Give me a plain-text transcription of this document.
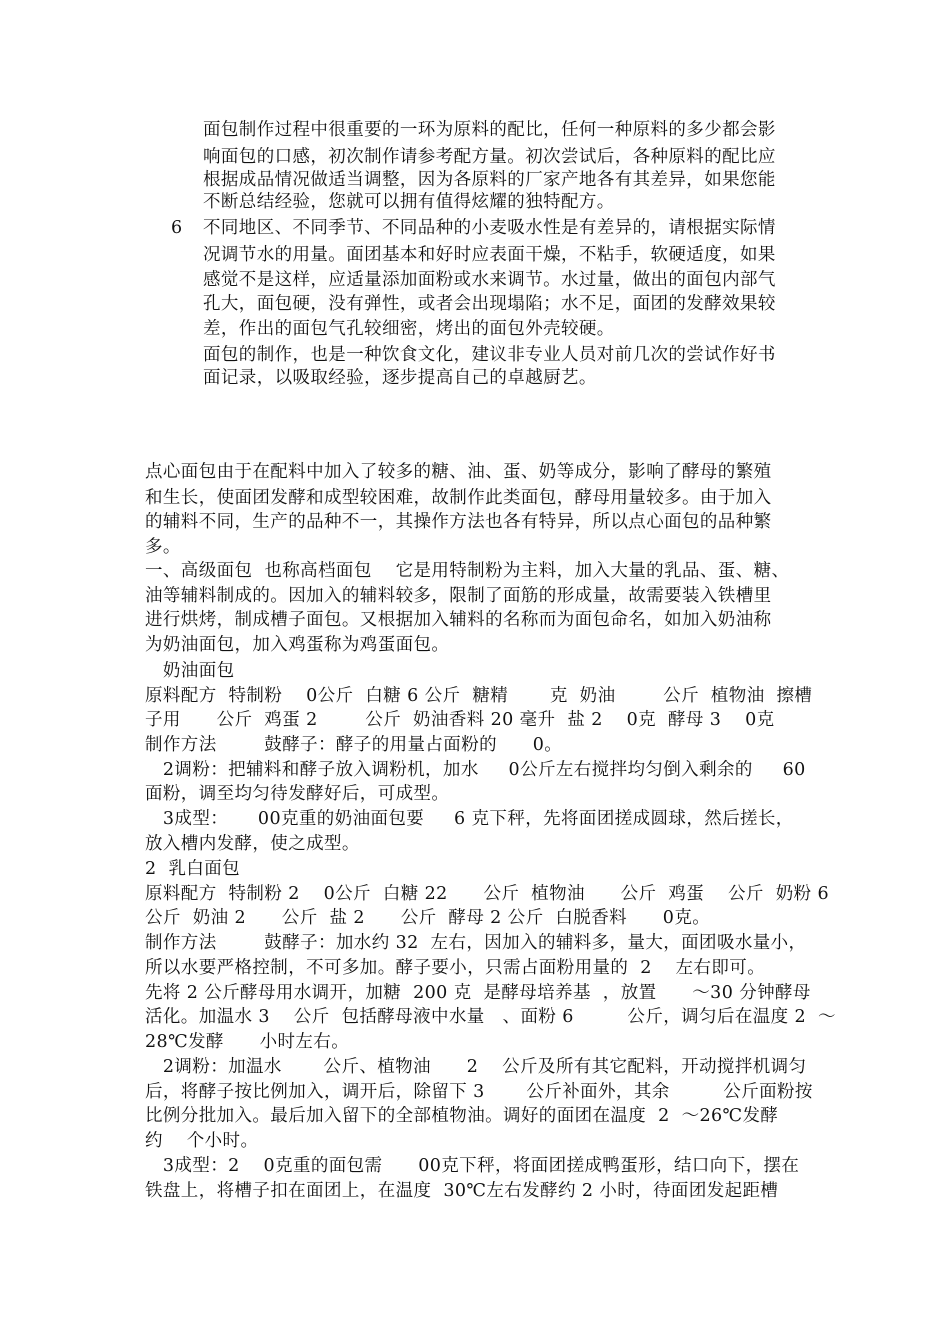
面包制作过程中很重要的一环为原料的配比，任何一种原料的多少都会影
响面包的口感，初次制作请参考配方量。初次尝试后，各种原料的配比应
根据成品情况做适当调整，因为各原料的厂家产地各有其差异，如果您能
不断总结经验，您就可以拥有值得炫耀的独特配方。
6 不同地区、不同季节、不同品种的小麦吸水性是有差异的，请根据实际情
况调节水的用量。面团基本和好时应表面干燥，不粘手，软硬适度，如果
感觉不是这样，应适量添加面粉或水来调节。水过量，做出的面包内部气
孔大，面包硬，没有弹性，或者会出现塌陷；水不足，面团的发酵效果较
差，作出的面包气孔较细密，烤出的面包外壳较硬。
面包的制作，也是一种饮食文化，建议非专业人员对前几次的尝试作好书
面记录，以吸取经验，逐步提高自己的卓越厨艺。
点心面包由于在配料中加入了较多的糖、油、蛋、奶等成分，影响了酵母的繁殖
和生长，使面团发酵和成型较困难，故制作此类面包，酵母用量较多。由于加入
的辅料不同，生产的品种不一，其操作方法也各有特异，所以点心面包的品种繁
多。
一、高级面包  也称高档面包    它是用特制粉为主料，加入大量的乳品、蛋、糖、
油等辅料制成的。因加入的辅料较多，限制了面筋的形成量，故需要装入铁槽里
进行烘烤，制成槽子面包。又根据加入辅料的名称而为面包命名，如加入奶油称
为奶油面包，加入鸡蛋称为鸡蛋面包。
奶油面包
原料配方  特制粉    0公斤  白糖 6 公斤  糖精       克  奶油        公斤  植物油  擦槽
子用      公斤  鸡蛋 2        公斤  奶油香料 20 毫升  盐 2    0克  酵母 3    0克
制作方法        鼓酵子：酵子的用量占面粉的      0。
2调粉：把辅料和酵子放入调粉机，加水     0公斤左右搅拌均匀倒入剩余的     60
面粉，调至均匀待发酵好后，可成型。
3成型：     00克重的奶油面包要     6 克下秤，先将面团搓成圆球，然后搓长，
放入槽内发酵，使之成型。
2  乳白面包
原料配方  特制粉 2    0公斤  白糖 22      公斤  植物油      公斤  鸡蛋    公斤  奶粉 6
公斤  奶油 2      公斤  盐 2      公斤  酵母 2 公斤  白脱香料      0克。
制作方法        鼓酵子：加水约 32  左右，因加入的辅料多，量大，面团吸水量小，
所以水要严格控制，不可多加。酵子要小，只需占面粉用量的  2    左右即可。
先将 2 公斤酵母用水调开，加糖  200 克  是酵母培养基  ，放置      ～30 分钟酵母
活化。加温水 3    公斤  包括酵母液中水量   、面粉 6         公斤，调匀后在温度 2  ～
28℃发酵      小时左右。
2调粉：加温水       公斤、植物油      2    公斤及所有其它配料，开动搅拌机调匀
后，将酵子按比例加入，调开后，除留下 3       公斤补面外，其余         公斤面粉按
比例分批加入。最后加入留下的全部植物油。调好的面团在温度  2  ～26℃发酵
约    个小时。
3成型：2    0克重的面包需      00克下秤，将面团搓成鸭蛋形，结口向下，摆在
铁盘上，将槽子扣在面团上，在温度  30℃左右发酵约 2 小时，待面团发起距槽
